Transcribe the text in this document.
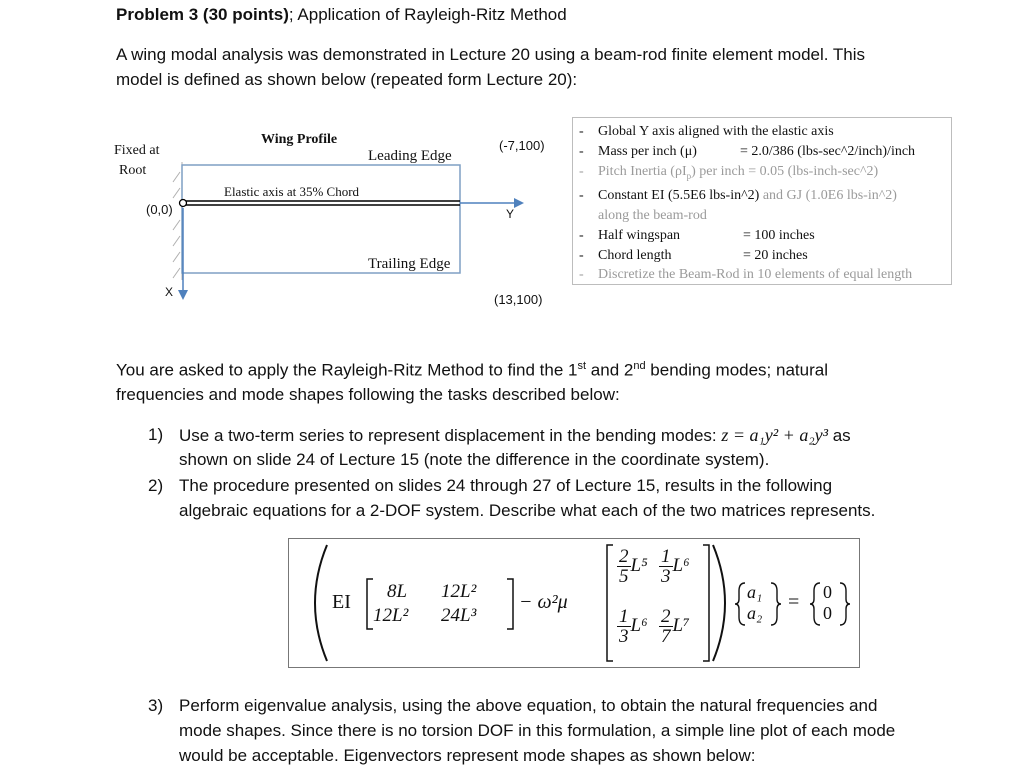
Problem 3 (30 points); Application of Rayleigh-Ritz Method
A wing modal analysis was demonstrated in Lecture 20 using a beam-rod finite element model. This
model is defined as shown below (repeated form Lecture 20):
Fixed at
Root
Wing Profile
Leading Edge
Elastic axis at 35% Chord
Trailing Edge
(0,0)
X
Y
(-7,100)
(13,100)
- Global Y axis aligned with the elastic axis
- Mass per inch (μ)	= 2.0/386 (lbs-sec^2/inch)/inch
- Pitch Inertia $(\rho I_p)$ per inch = 0.05 (lbs-inch-sec^2)
- Constant EI (5.5E6 lbs-in^2) and GJ (1.0E6 lbs-in^2)
along the beam-rod
- Half wingspan	= 100 inches
- Chord length	= 20 inches
- Discretize the Beam-Rod in 10 elements of equal length
You are asked to apply the Rayleigh-Ritz Method to find the 1st and 2nd bending modes; natural
frequencies and mode shapes following the tasks described below:
1) Use a two-term series to represent displacement in the bending modes: z = a₁y² + a₂y³ as
shown on slide 24 of Lecture 15 (note the difference in the coordinate system).
2) The procedure presented on slides 24 through 27 of Lecture 15, results in the following
algebraic equations for a 2-DOF system. Describe what each of the two matrices represents.
EI 8L 12L²
12L² 24L³
− ω²μ
$\frac{2}{5} L^5 \frac{1}{3} L^6$
$\frac{1}{3} L^6 \frac{2}{7} L^7$
a₁
a₂ = 0
0
3) Perform eigenvalue analysis, using the above equation, to obtain the natural frequencies and
mode shapes. Since there is no torsion DOF in this formulation, a simple line plot of each mode
would be acceptable. Eigenvectors represent mode shapes as shown below:
